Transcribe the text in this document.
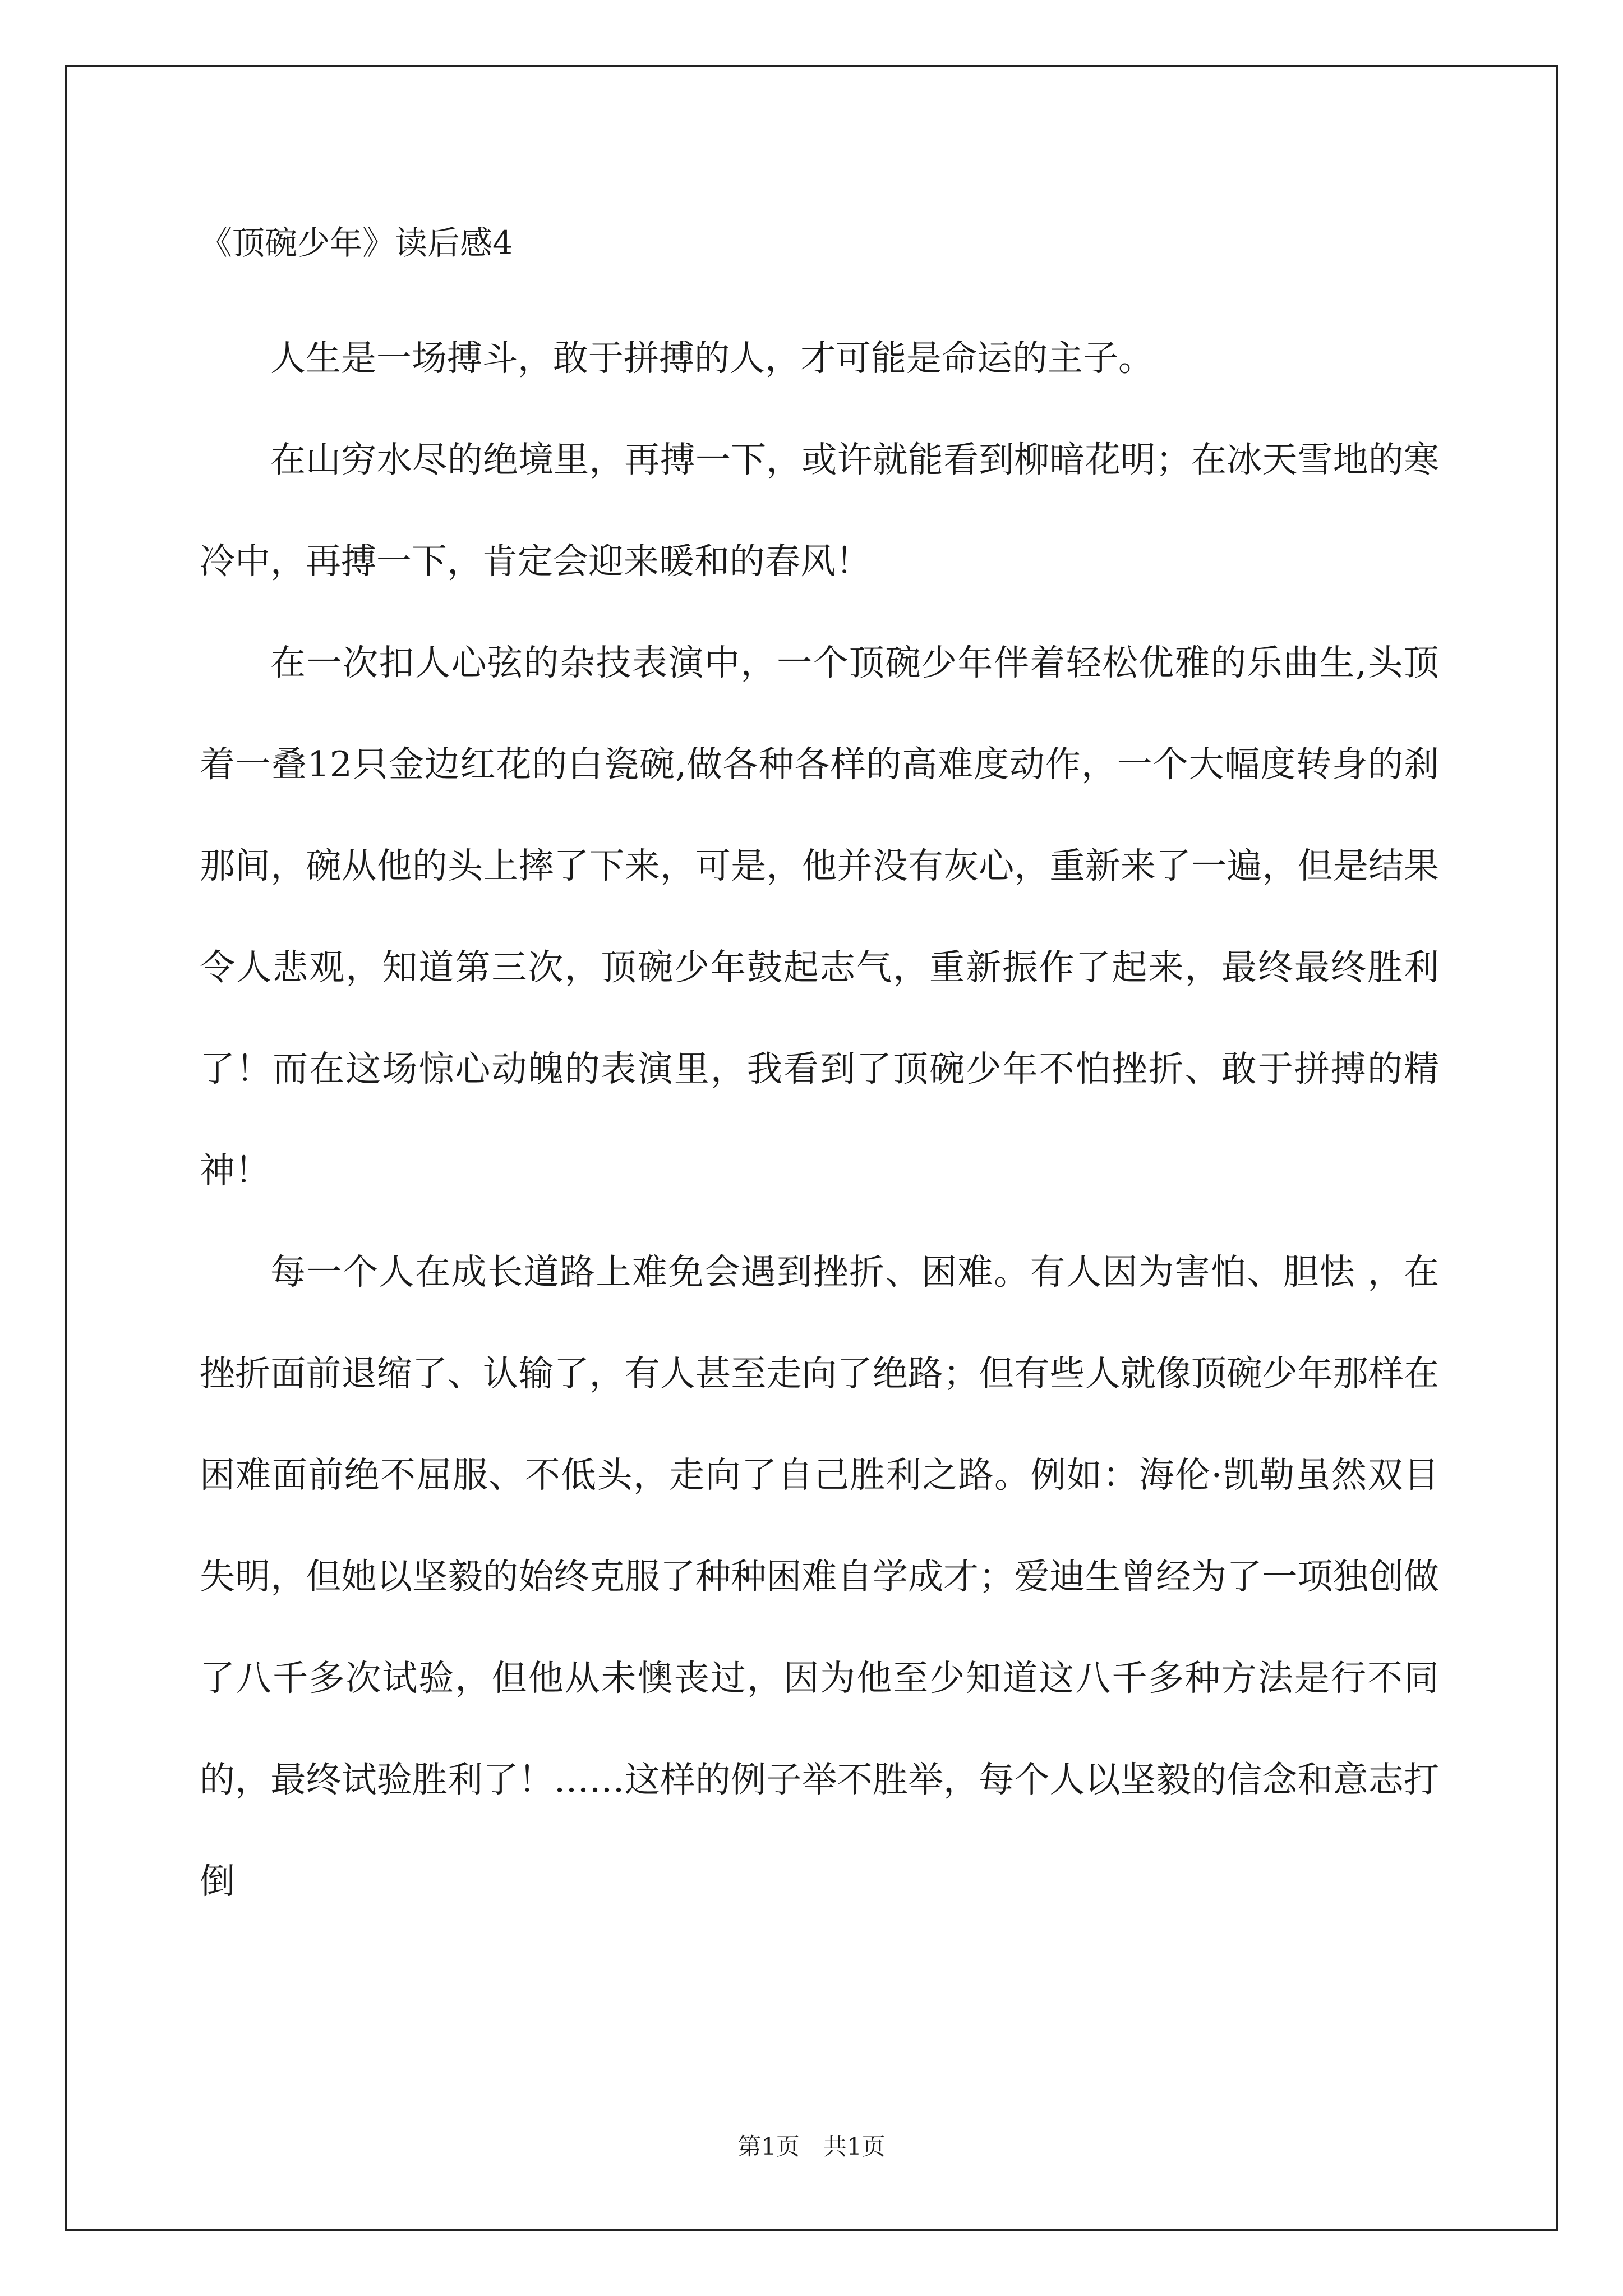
《顶碗少年》读后感4

人生是一场搏斗，敢于拼搏的人，才可能是命运的主子。

在山穷水尽的绝境里，再搏一下，或许就能看到柳暗花明；在冰天雪地的寒冷中，再搏一下，肯定会迎来暖和的春风！

在一次扣人心弦的杂技表演中，一个顶碗少年伴着轻松优雅的乐曲生,头顶着一叠12只金边红花的白瓷碗,做各种各样的高难度动作，一个大幅度转身的刹那间，碗从他的头上摔了下来，可是，他并没有灰心，重新来了一遍，但是结果令人悲观，知道第三次，顶碗少年鼓起志气，重新振作了起来，最终最终胜利了！而在这场惊心动魄的表演里，我看到了顶碗少年不怕挫折、敢于拼搏的精神！

每一个人在成长道路上难免会遇到挫折、困难。有人因为害怕、胆怯 ，在挫折面前退缩了、认输了，有人甚至走向了绝路；但有些人就像顶碗少年那样在困难面前绝不屈服、不低头，走向了自己胜利之路。例如：海伦·凯勒虽然双目失明，但她以坚毅的始终克服了种种困难自学成才；爱迪生曾经为了一项独创做了八千多次试验，但他从未懊丧过，因为他至少知道这八千多种方法是行不同的，最终试验胜利了！……这样的例子举不胜举，每个人以坚毅的信念和意志打倒

第1页　共1页
